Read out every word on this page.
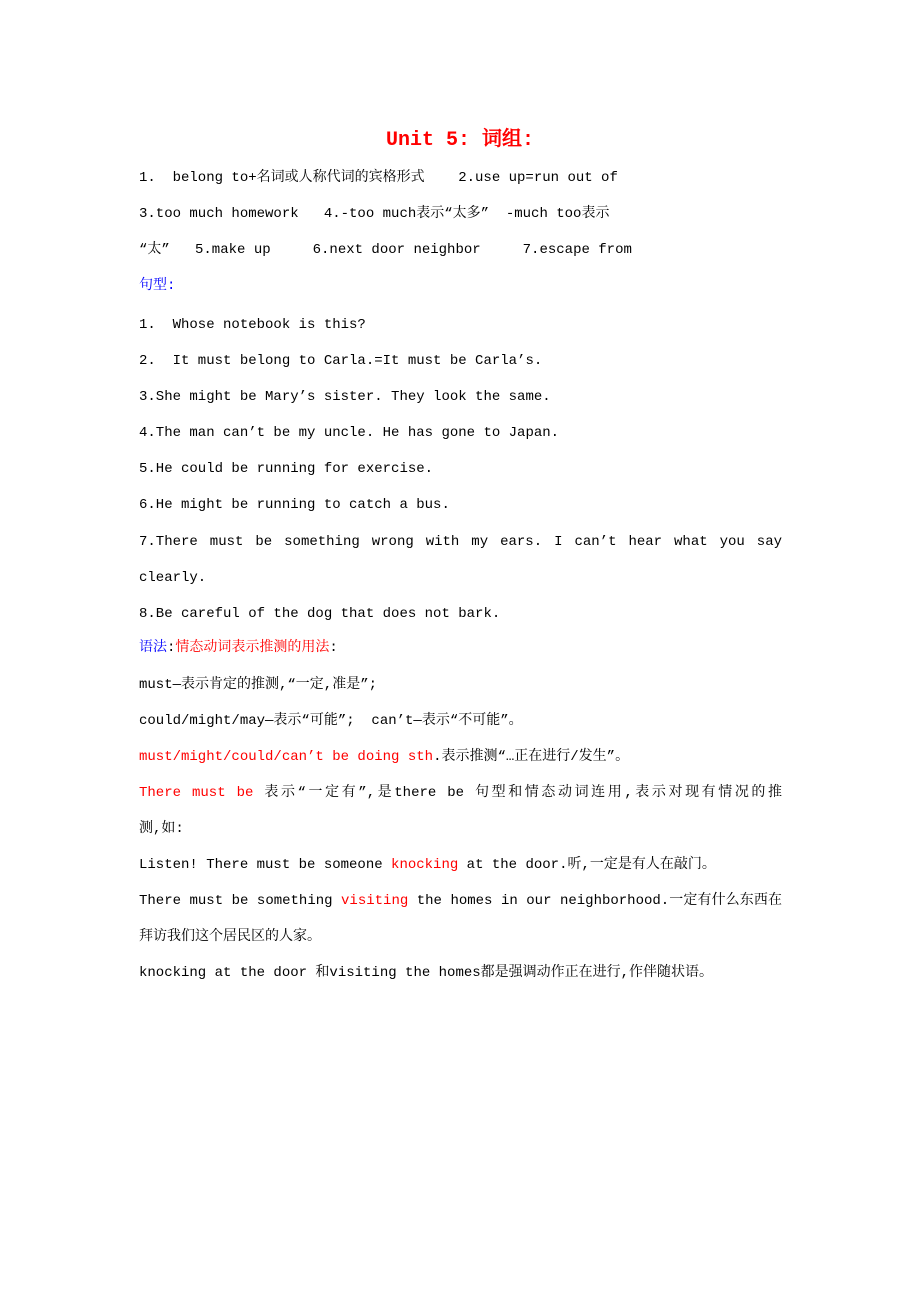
Unit 5: 词组:
1.  belong to+名词或人称代词的宾格形式    2.use up=run out of
3.too much homework   4.-too much表示“太多”  -much too表示
“太”   5.make up     6.next door neighbor     7.escape from
句型:
1.  Whose notebook is this?
2.  It must belong to Carla.=It must be Carla’s.
3.She might be Mary’s sister. They look the same.
4.The man can’t be my uncle. He has gone to Japan.
5.He could be running for exercise.
6.He might be running to catch a bus.
7.There must be something wrong with my ears. I can’t hear what you say
clearly.
8.Be careful of the dog that does not bark.
语法:情态动词表示推测的用法:
must—表示肯定的推测,“一定,准是”;
could/might/may—表示“可能”;  can’t—表示“不可能”。
must/might/could/can’t be doing sth.表示推测“…正在进行/发生”。
There must be 表示“一定有”,是there be 句型和情态动词连用,表示对现有情况的推
测,如:
Listen! There must be someone knocking at the door.听,一定是有人在敲门。
There must be something visiting the homes in our neighborhood.一定有什么东西在
拜访我们这个居民区的人家。
knocking at the door 和visiting the homes都是强调动作正在进行,作伴随状语。
